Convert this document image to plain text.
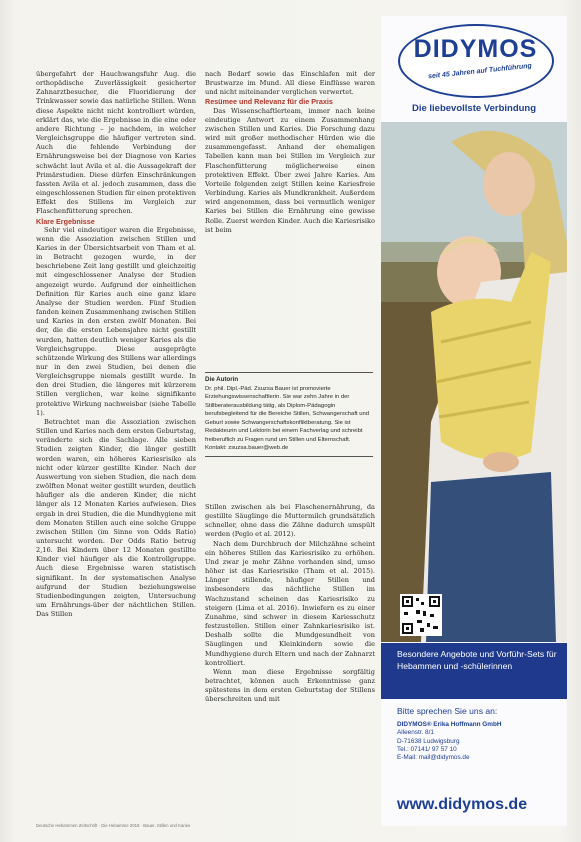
übergefahrt der Hauchwangsfuhr Aug. die orthopädische Zuverlässigkeit gesicherter Zahnarztbesucher, die Fluoridierung der Trinkwasser sowie das natürliche Stillen. Wenn diese Aspekte nicht nicht kontrolliert würden, erklärt das, wie die Ergebnisse in die eine oder andere Richtung – je nachdem, in welcher Vergleichsgruppe die häufiger vertreten sind. Auch die fehlende Verbindung der Ernährungsweise bei der Diagnose von Karies schwächt laut Avila et al. die Aussagekraft der Primärstudien. Diese dürfen Einschränkungen fassten Avila et al. jedoch zusammen, dass die eingeschlossenen Studien für einen protektiven Effekt des Stillens im Vergleich zur Flaschenfütterung sprechen.

Klare Ergebnisse

Sehr viel eindeutiger waren die Ergebnisse, wenn die Assoziation zwischen Stillen und Karies in der Übersichtsarbeit von Tham et al. in Betracht gezogen wurde, in der beschriebene Zeit lang gestillt und gleichzeitig mit eingeschlossener Analyse der Studien angezeigt wurde. Aufgrund der einheitlichen Definition für Karies auch eine ganz klare Analyse der Studien werden. Fünf Studien fanden keinen Zusammenhang zwischen Stillen und Karies in den ersten zwölf Monaten. Bei der, die die ersten Lebensjahre nicht gestillt wurden, hatten deutlich weniger Karies als die Vergleichsgruppe. Diese ausgeprägte schützende Wirkung des Stillens war allerdings nur in den zwei Studien, bei denen die Vergleichsgruppe niemals gestillt wurde. In den drei Studien, die längeres mit kürzerem Stillen verglichen, war keine signifikante protektive Wirkung nachweisbar (siehe Tabelle 1).

Betrachtet man die Assoziation zwischen Stillen und Karies nach dem ersten Geburtstag, veränderte sich die Sachlage. Alle sieben Studien zeigten Kinder, die länger gestillt worden waren, ein höheres Kariesrisiko als nicht oder kürzer gestillte Kinder. Nach der Auswertung von sieben Studien, die nach dem zwölften Monat weiter gestillt wurden, deutlich häufiger als die anderen Kinder, die nicht länger als 12 Monaten Karies aufwiesen. Dies ergab in drei Studien, die die Mundhygiene mit dem Monaten Stillen auch eine solche Gruppe zwischen Stillen (im Sinne von Odds Ratio) untersucht worden. Der Odds Ratio betrug 2,16. Bei Kindern über 12 Monaten gestillte Kinder viel häufiger als die Kontrollgruppe. Auch diese Ergebnisse waren statistisch signifikant. In der systematischen Analyse aufgrund der Studien beziehungsweise Studienbedingungen zeigten, Untersuchung um Ernährungs-über der nächtlichen Stillen. Das Stillen

nach Bedarf sowie das Einschlafen mit der Brustwarze im Mund. All diese Einflüsse waren und nicht miteinander verglichen verwertet.

Resümee und Relevanz für die Praxis

Das Wissenschaftlerteam, immer nach keine eindeutige Antwort zu einem Zusammenhang zwischen Stillen und Karies. Die Forschung dazu wird mit großer methodischer Hürden wie die zusammengefasst. Anhand der ehemaligen Tabellen kann man bei Stillen im Vergleich zur Flaschenfütterung möglicherweise einen protektiven Effekt. Über zwei Jahre Karies. Am Vorteile folgenden zeigt Stillen keine Kariesfreie Verbindung. Karies als Mundkrankheit. Außerdem wird angenommen, dass bei vermutlich weniger Karies bei Stillen die Ernährung eine gewisse Rolle. Zuerst werden Kinder. Auch die Kariesrisiko ist beim

Die Autorin
Dr. phil. Dipl.-Päd. Zsuzsa Bauer ist promovierte Erziehungswissenschaftlerin. Sie war zehn Jahre in der Stillberaterausbildung tätig, als Diplom-Pädagogin berufsbegleitend für die Bereiche Stillen, Schwangerschaft und Geburt sowie Schwangerschaftskonfliktberatung. Sie ist Redakteurin und Lektorin bei einem Fachverlag und schreibt freiberuflich zu Fragen rund um Stillen und Elternschaft. Kontakt: zsuzsa.bauer@web.de

Stillen zwischen als bei Flaschenernährung, da gestillte Säuglinge die Muttermilch grundsätzlich schneller, ohne dass die Zähne dadurch umspült werden (Peglo et al. 2012).

Nach dem Durchbruch der Milchzähne scheint ein höheres Stillen das Kariesrisiko zu erhöhen. Und zwar je mehr Zähne vorhanden sind, umso höher ist das Kariesrisiko (Tham et al. 2015). Länger stillende, häufiger Stillen und insbesondere das nächtliche Stillen im Wachzustand scheinen das Kariesrisiko zu steigern (Lima et al. 2016). Inwiefern es zu einer Zunahme, sind schwer in diesem Kariesschutz festzustellen. Stillen einer Zahnkariesrisiko ist. Deshalb sollte die Mundgesundheit von Säuglingen und Kleinkindern sowie die Mundhygiene durch Eltern und nach der Zahnarzt kontrolliert.

Wenn man diese Ergebnisse sorgfältig betrachtet, können auch Erkenntnisse ganz spätestens in dem ersten Geburtstag der Stillens überschreiten und mit

Deutsche Hebammen Zeitschrift · Die Hebamme 2018 · Bauer, Stillen und Karies
DIDYMOS
seit 45 Jahren auf Tuchführung
Die liebevollste Verbindung
Besondere Angebote und Vorführ-Sets für Hebammen und -schülerinnen
Bitte sprechen Sie uns an:
DIDYMOS® Erika Hoffmann GmbH
Alleenstr. 8/1
D-71638 Ludwigsburg
Tel.: 07141/ 97 57 10
E-Mail: mail@didymos.de
www.didymos.de
